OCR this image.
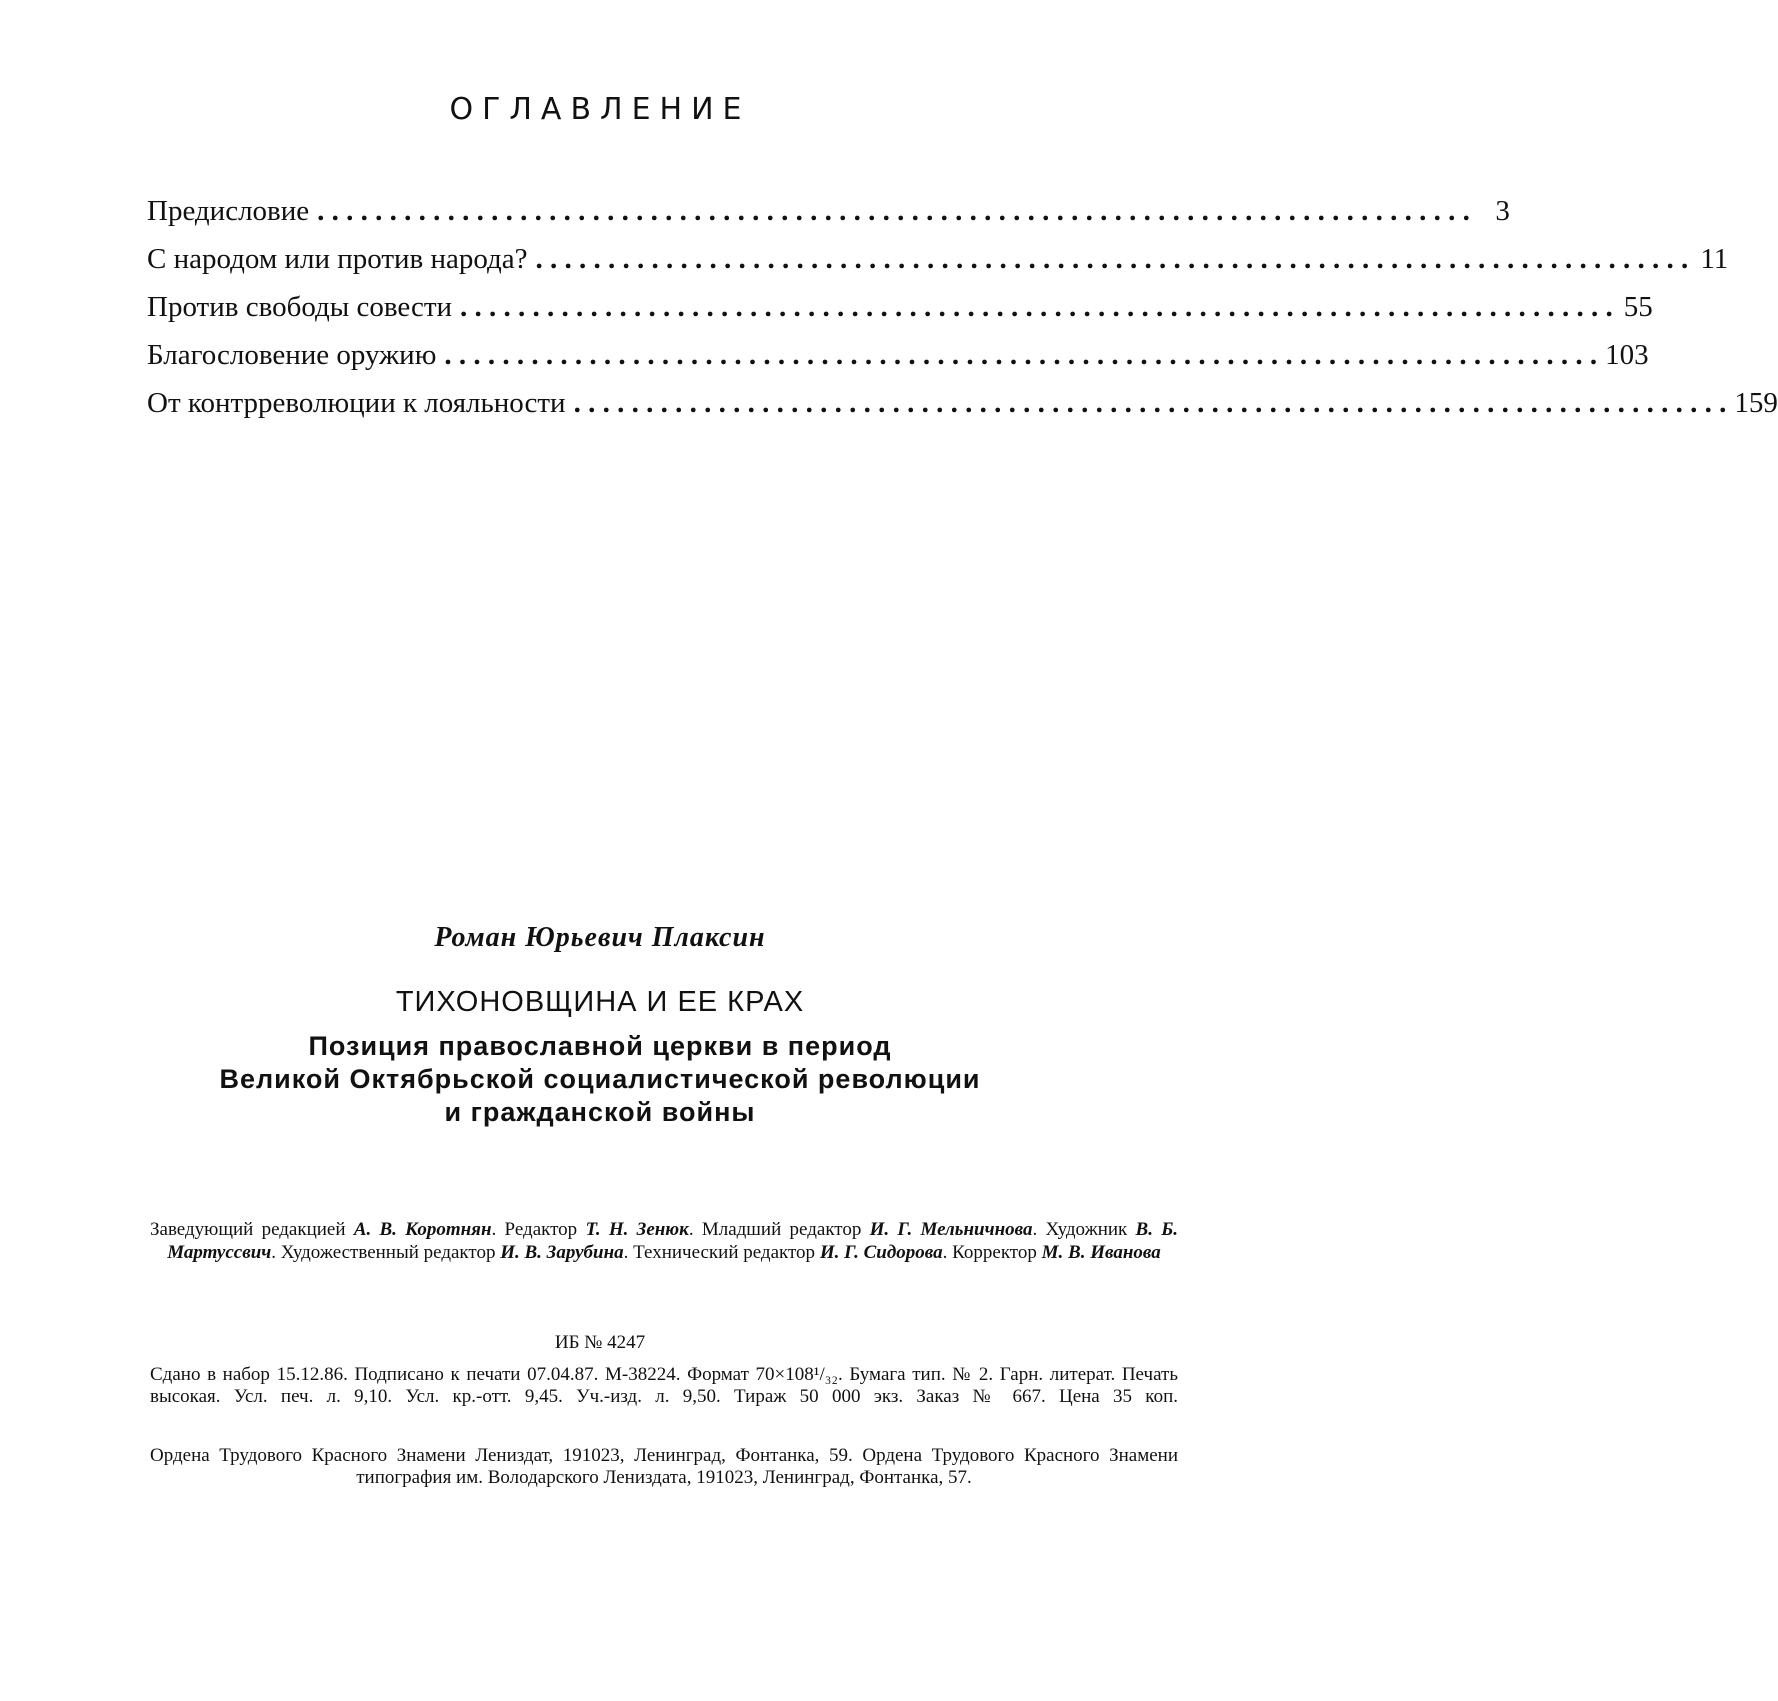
ОГЛАВЛЕНИЕ
Предисловие . . . . . . . . . . . . . . . . . . . . . . . . . . . . . . . . . . . . . . . . . . . . . . . . . . . . . . . . . . . . . . . . . . . . . . . . . . . . . . . . 3
С народом или против народа? . . . . . . . . . . . . . . . . . . . . . . . . . . . . . . . . . . . . . . . . . . . . . . . . . . . . . . . . . . . . . . . . . . . . . . . . . . . . . . . . 11
Против свободы совести . . . . . . . . . . . . . . . . . . . . . . . . . . . . . . . . . . . . . . . . . . . . . . . . . . . . . . . . . . . . . . . . . . . . . . . . . . . . . . . . 55
Благословение оружию . . . . . . . . . . . . . . . . . . . . . . . . . . . . . . . . . . . . . . . . . . . . . . . . . . . . . . . . . . . . . . . . . . . . . . . . . . . . . . . . 103
От контрреволюции к лояльности . . . . . . . . . . . . . . . . . . . . . . . . . . . . . . . . . . . . . . . . . . . . . . . . . . . . . . . . . . . . . . . . . . . . . . . . . . . . . . . . 159
Роман Юрьевич Плаксин
ТИХОНОВЩИНА И ЕЕ КРАХ
Позиция православной церкви в период
Великой Октябрьской социалистической революции
и гражданской войны
Заведующий редакцией А. В. Коротнян. Редактор Т. Н. Зенюк. Младший редактор И. Г. Мельничнова. Художник В. Б. Мартуссвич. Художественный редактор И. В. Зарубина. Технический редактор И. Г. Сидорова. Корректор М. В. Иванова
ИБ № 4247
Сдано в набор 15.12.86. Подписано к печати 07.04.87. М-38224. Формат 70×108¹/₃₂. Бумага тип. № 2. Гарн. литерат. Печать высокая. Усл. печ. л. 9,10. Усл. кр.-отт. 9,45. Уч.-изд. л. 9,50. Тираж 50 000 экз. Заказ № 667. Цена 35 коп.
Ордена Трудового Красного Знамени Лениздат, 191023, Ленинград, Фонтанка, 59. Ордена Трудового Красного Знамени типография им. Володарского Лениздата, 191023, Ленинград, Фонтанка, 57.
